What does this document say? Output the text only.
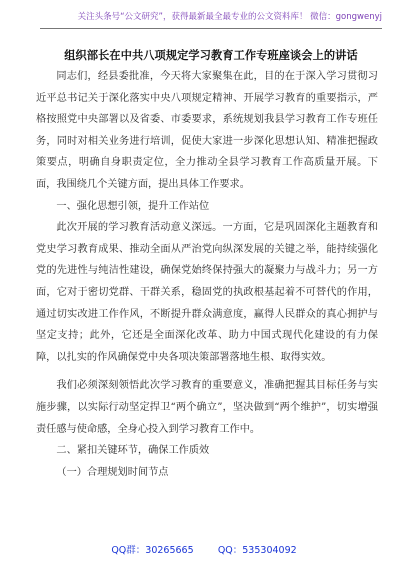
关注头条号“公文研究”，获得最新最全最专业的公文资料库！ 微信：gongwenyj
组织部长在中共八项规定学习教育工作专班座谈会上的讲话

同志们，经县委批准，今天将大家聚集在此，目的在于深入学习贯彻习近平总书记关于深化落实中央八项规定精神、开展学习教育的重要指示，严格按照党中央部署以及省委、市委要求，系统规划我县学习教育工作专班任务，同时对相关业务进行培训，促使大家进一步深化思想认知、精准把握政策要点，明确自身职责定位，全力推动全县学习教育工作高质量开展。下面，我围绕几个关键方面，提出具体工作要求。

一、强化思想引领，提升工作站位

此次开展的学习教育活动意义深远。一方面，它是巩固深化主题教育和党史学习教育成果、推动全面从严治党向纵深发展的关键之举，能持续强化党的先进性与纯洁性建设，确保党始终保持强大的凝聚力与战斗力；另一方面，它对于密切党群、干群关系，稳固党的执政根基起着不可替代的作用，通过切实改进工作作风，不断提升群众满意度，赢得人民群众的真心拥护与坚定支持；此外，它还是全面深化改革、助力中国式现代化建设的有力保障，以扎实的作风确保党中央各项决策部署落地生根、取得实效。

我们必须深刻领悟此次学习教育的重要意义，准确把握其目标任务与实施步骤，以实际行动坚定捍卫“两个确立”，坚决做到“两个维护”，切实增强责任感与使命感，全身心投入到学习教育工作中。

二、紧扣关键环节，确保工作质效

（一）合理规划时间节点

QQ群：30265665	QQ：535304092
